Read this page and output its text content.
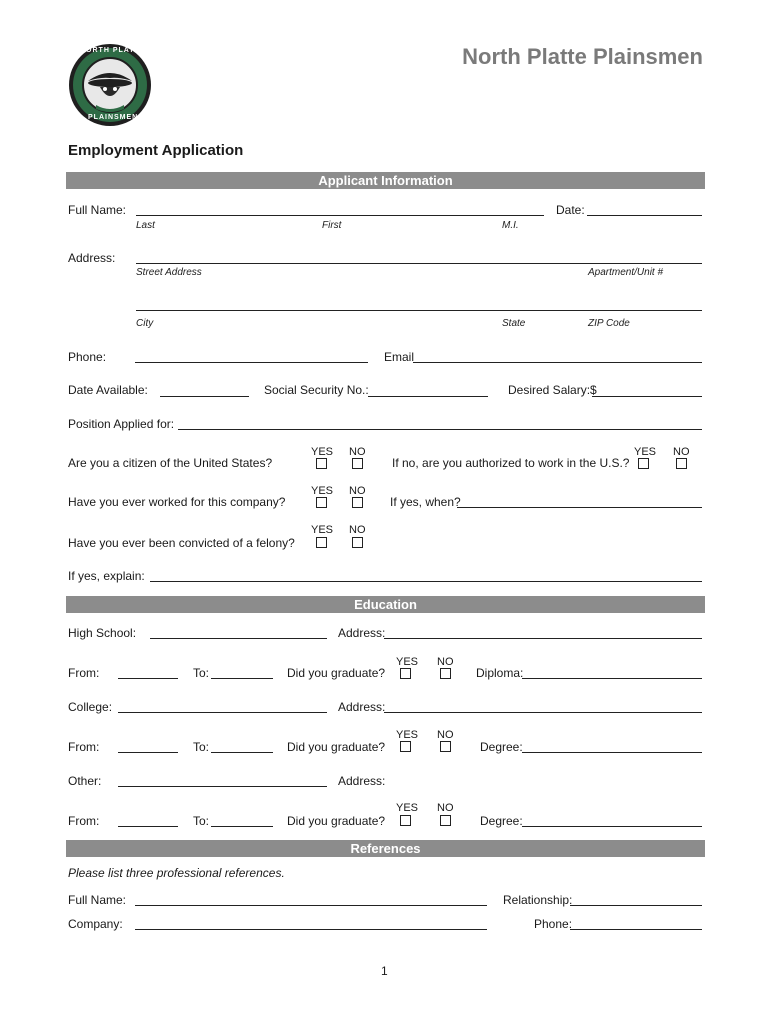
NORTH PLATTE
PLAINSMEN
North Platte Plainsmen
Employment Application
Applicant Information
Full Name:	Date:
Last	First	M.I.
Address:
Street Address	Apartment/Unit #
City	State	ZIP Code
Phone:	Email
Date Available:	Social Security No.:	Desired Salary:$
Position Applied for:
YES NO
Are you a citizen of the United States?
YES NO
If no, are you authorized to work in the U.S.?
YES NO
Have you ever worked for this company?	If yes, when?
YES NO
Have you ever been convicted of a felony?
If yes, explain:
Education
High School:	Address:
YES NO
From:	To:	Did you graduate?	Diploma:
College:	Address:
YES NO
From:	To:	Did you graduate?	Degree:
Other:	Address:
YES NO
From:	To:	Did you graduate?	Degree:
References
Please list three professional references.
Full Name:	Relationship:
Company:	Phone:
1
